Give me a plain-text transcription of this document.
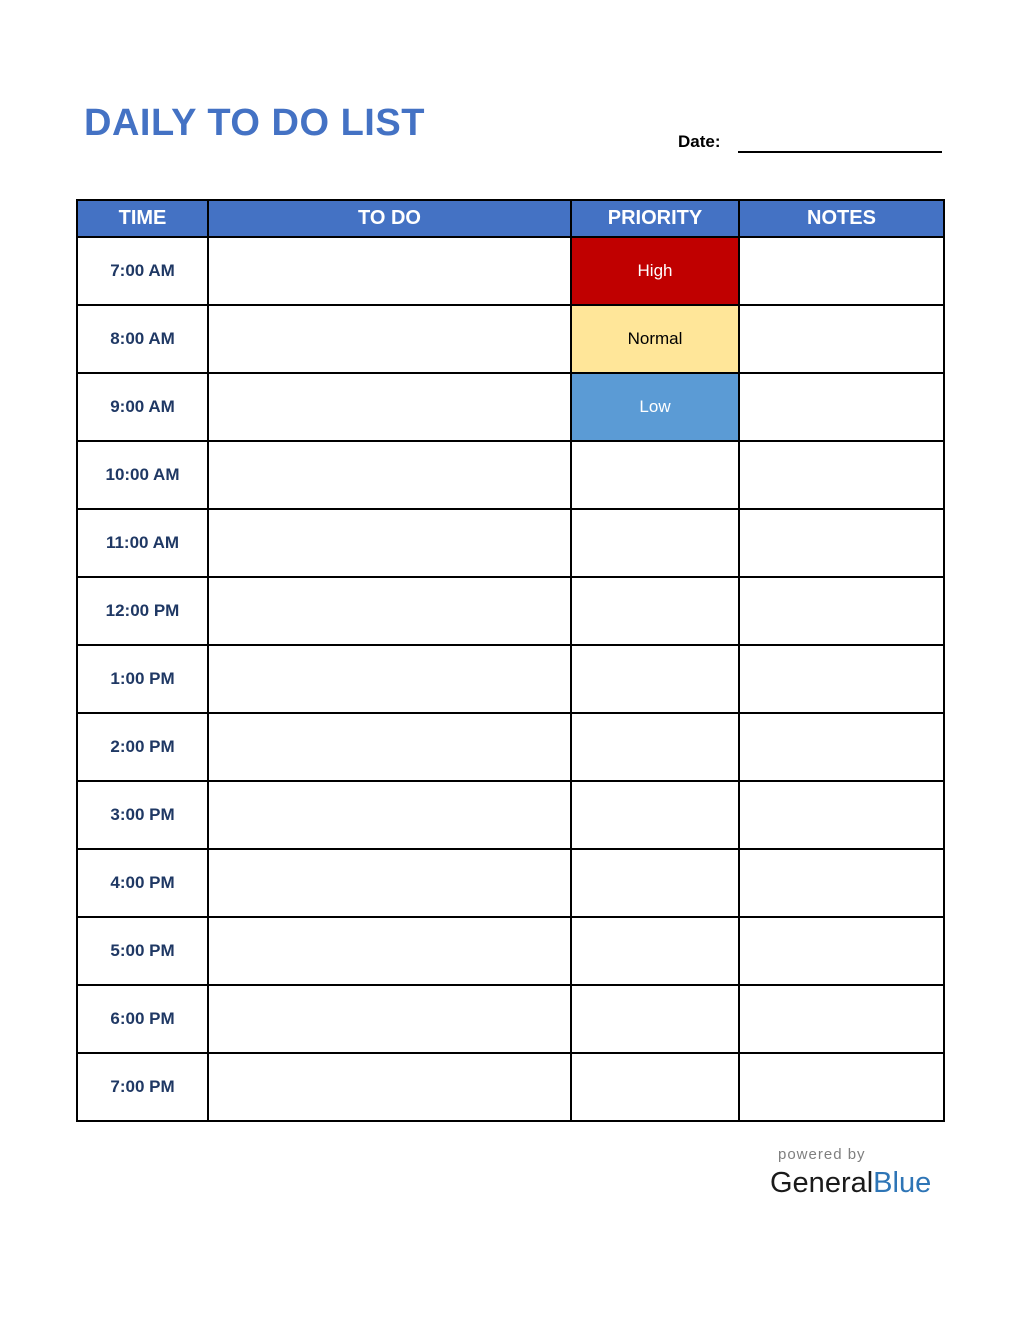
DAILY TO DO LIST	Date:
TIME	TO DO	PRIORITY	NOTES
7:00 AM		High	
8:00 AM		Normal	
9:00 AM		Low	
10:00 AM			
11:00 AM			
12:00 PM			
1:00 PM			
2:00 PM			
3:00 PM			
4:00 PM			
5:00 PM			
6:00 PM			
7:00 PM			
powered by
GeneralBlue
